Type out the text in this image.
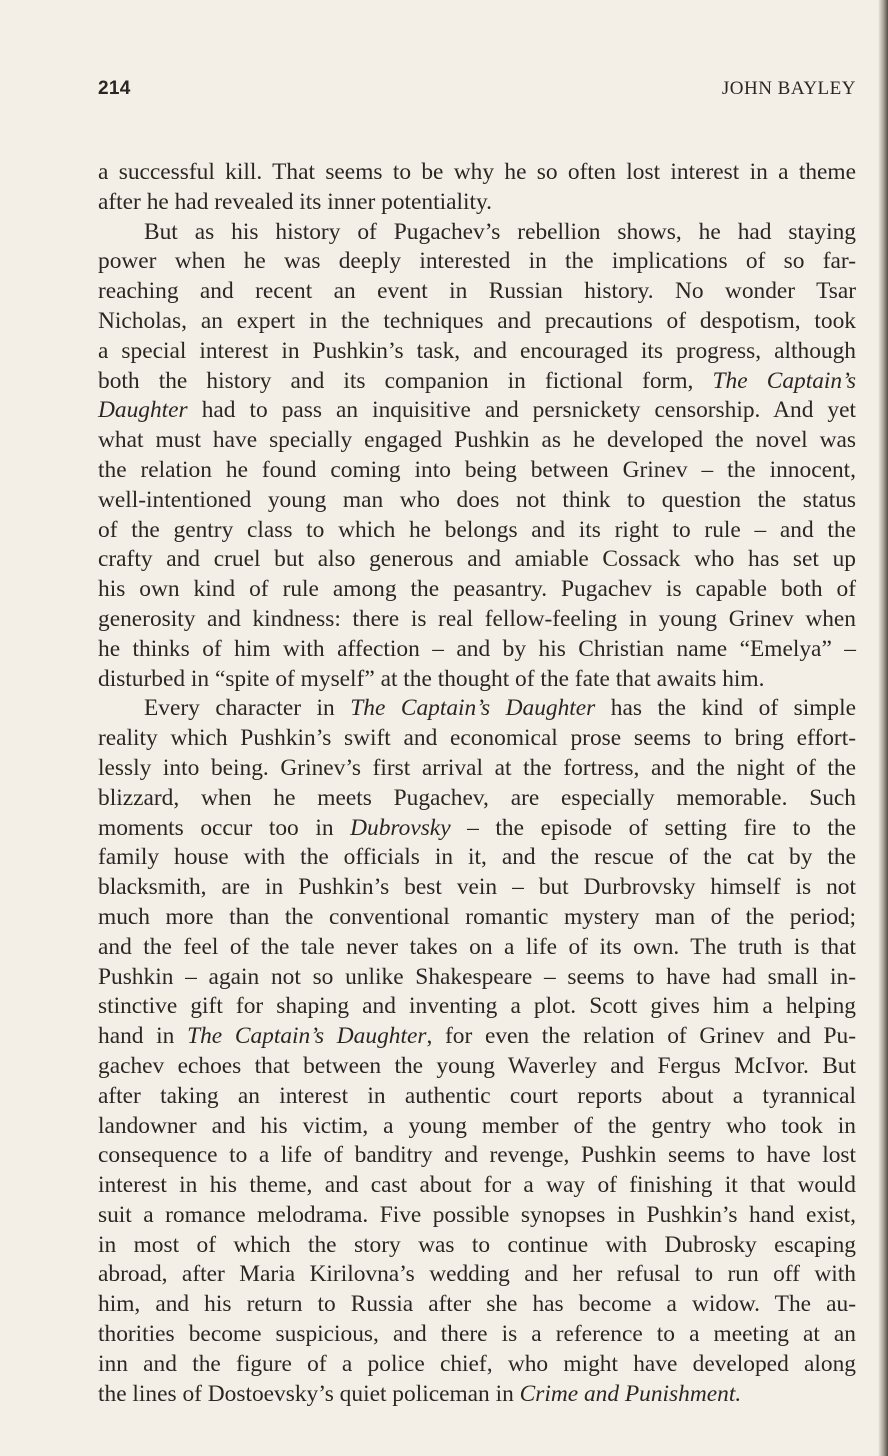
214	JOHN BAYLEY
a successful kill. That seems to be why he so often lost interest in a theme
after he had revealed its inner potentiality.
But as his history of Pugachev’s rebellion shows, he had staying
power when he was deeply interested in the implications of so far-
reaching and recent an event in Russian history. No wonder Tsar
Nicholas, an expert in the techniques and precautions of despotism, took
a special interest in Pushkin’s task, and encouraged its progress, although
both the history and its companion in fictional form, The Captain’s
Daughter had to pass an inquisitive and persnickety censorship. And yet
what must have specially engaged Pushkin as he developed the novel was
the relation he found coming into being between Grinev – the innocent,
well-intentioned young man who does not think to question the status
of the gentry class to which he belongs and its right to rule – and the
crafty and cruel but also generous and amiable Cossack who has set up
his own kind of rule among the peasantry. Pugachev is capable both of
generosity and kindness: there is real fellow-feeling in young Grinev when
he thinks of him with affection – and by his Christian name “Emelya” –
disturbed in “spite of myself” at the thought of the fate that awaits him.
Every character in The Captain’s Daughter has the kind of simple
reality which Pushkin’s swift and economical prose seems to bring effort-
lessly into being. Grinev’s first arrival at the fortress, and the night of the
blizzard, when he meets Pugachev, are especially memorable. Such
moments occur too in Dubrovsky – the episode of setting fire to the
family house with the officials in it, and the rescue of the cat by the
blacksmith, are in Pushkin’s best vein – but Durbrovsky himself is not
much more than the conventional romantic mystery man of the period;
and the feel of the tale never takes on a life of its own. The truth is that
Pushkin – again not so unlike Shakespeare – seems to have had small in-
stinctive gift for shaping and inventing a plot. Scott gives him a helping
hand in The Captain’s Daughter, for even the relation of Grinev and Pu-
gachev echoes that between the young Waverley and Fergus McIvor. But
after taking an interest in authentic court reports about a tyrannical
landowner and his victim, a young member of the gentry who took in
consequence to a life of banditry and revenge, Pushkin seems to have lost
interest in his theme, and cast about for a way of finishing it that would
suit a romance melodrama. Five possible synopses in Pushkin’s hand exist,
in most of which the story was to continue with Dubrosky escaping
abroad, after Maria Kirilovna’s wedding and her refusal to run off with
him, and his return to Russia after she has become a widow. The au-
thorities become suspicious, and there is a reference to a meeting at an
inn and the figure of a police chief, who might have developed along
the lines of Dostoevsky’s quiet policeman in Crime and Punishment.
